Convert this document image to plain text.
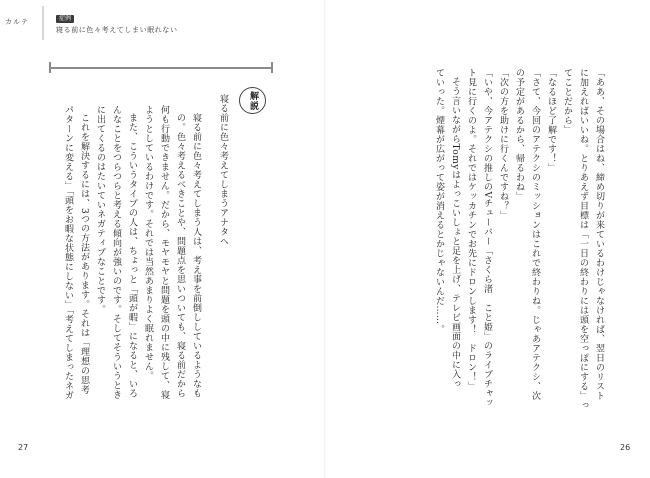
カルテ	症例
寝る前に色々考えてしまい眠れない
解説
寝る前に色々考えてしまうアナタへ
寝る前に色々考えてしまう人は、考え事を前倒ししているようなも
の。色々考えるべきことや、問題点を思いついても、寝る前だから
何も行動できません。だから、モヤモヤと問題を頭の中に残して、寝
ようとしているわけです。それでは当然あまりよく眠れません。
また、こういうタイプの人は、ちょっと「頭が暇」になると、いろ
んなことをつらつらと考える傾向が強いのです。そしてそういうとき
に出てくるのはたいていネガティブなことです。
これを解決するには、3つの方法があります。それは「理想の思考
パターンに変える」「頭をお暇な状態にしない」「考えてしまったネガ
27
「ああ、その場合はね、締め切りが来ているわけじゃなければ、翌日のリスト
に加えればいいね。とりあえず目標は「一日の終わりには頭を空っぽにする」っ
てことだから」
「なるほど了解です！」
「さて、今回のアテクシのミッションはこれで終わりね。じゃあアテクシ、次
の予定があるから、帰るわね」
「次の方を助けに行くんですね？」
「いや、今アテクシの推しのVチューバー「さくら渚　こと姫」のライブチャッ
ト見に行くのよ。それではケッカチンでお先にドロンします！　ドロン！」
そう言いながらTomyはよっこいしょと足を上げ、テレビ画面の中に入っ
ていった。煙幕が広がって姿が消えるとかじゃないんだ……。
26
